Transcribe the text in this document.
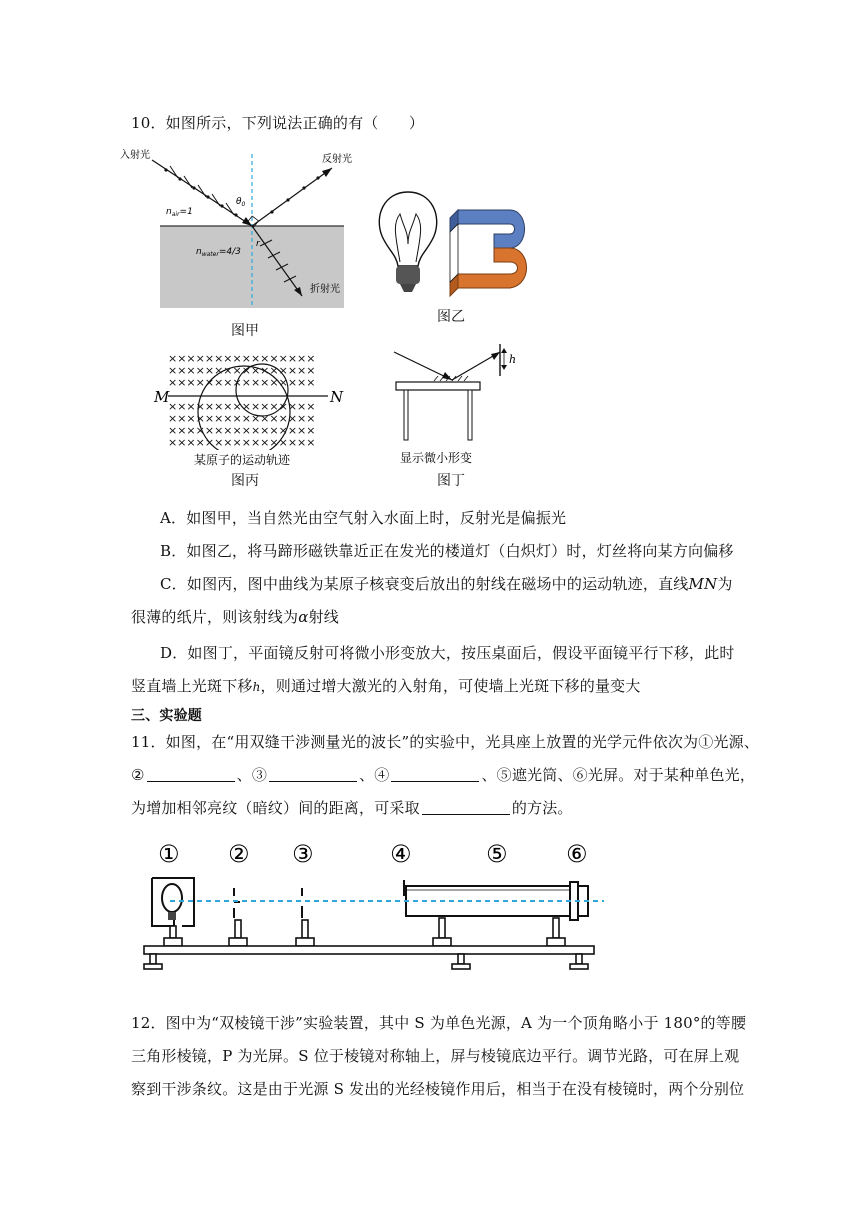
10．如图所示，下列说法正确的有（　　）
入射光	反射光
折射光
$n_{air}=1$
$n_{water}=4/3$
$\theta_0$
r
图甲
图乙
××××××××××××××××
××××××××××××××××
××××××××××××××××
××××××××××××××××
××××××××××××××××
××××××××××××××××
××××××××××××××××
M	N
某原子的运动轨迹
图丙
h
显示微小形变
图丁
A．如图甲，当自然光由空气射入水面上时，反射光是偏振光
B．如图乙，将马蹄形磁铁靠近正在发光的楼道灯（白炽灯）时，灯丝将向某方向偏移
C．如图丙，图中曲线为某原子核衰变后放出的射线在磁场中的运动轨迹，直线MN为
很薄的纸片，则该射线为α射线
D．如图丁，平面镜反射可将微小形变放大，按压桌面后，假设平面镜平行下移，此时
竖直墙上光斑下移h，则通过增大激光的入射角，可使墙上光斑下移的量变大
三、实验题
11．如图，在“用双缝干涉测量光的波长”的实验中，光具座上放置的光学元件依次为①光源、
②	、③	、④	、⑤遮光筒、⑥光屏。对于某种单色光，
为增加相邻亮纹（暗纹）间的距离，可采取	的方法。
① ② ③	④	⑤ ⑥
12．图中为“双棱镜干涉”实验装置，其中 S 为单色光源，A 为一个顶角略小于 180°的等腰
三角形棱镜，P 为光屏。S 位于棱镜对称轴上，屏与棱镜底边平行。调节光路，可在屏上观
察到干涉条纹。这是由于光源 S 发出的光经棱镜作用后，相当于在没有棱镜时，两个分别位
